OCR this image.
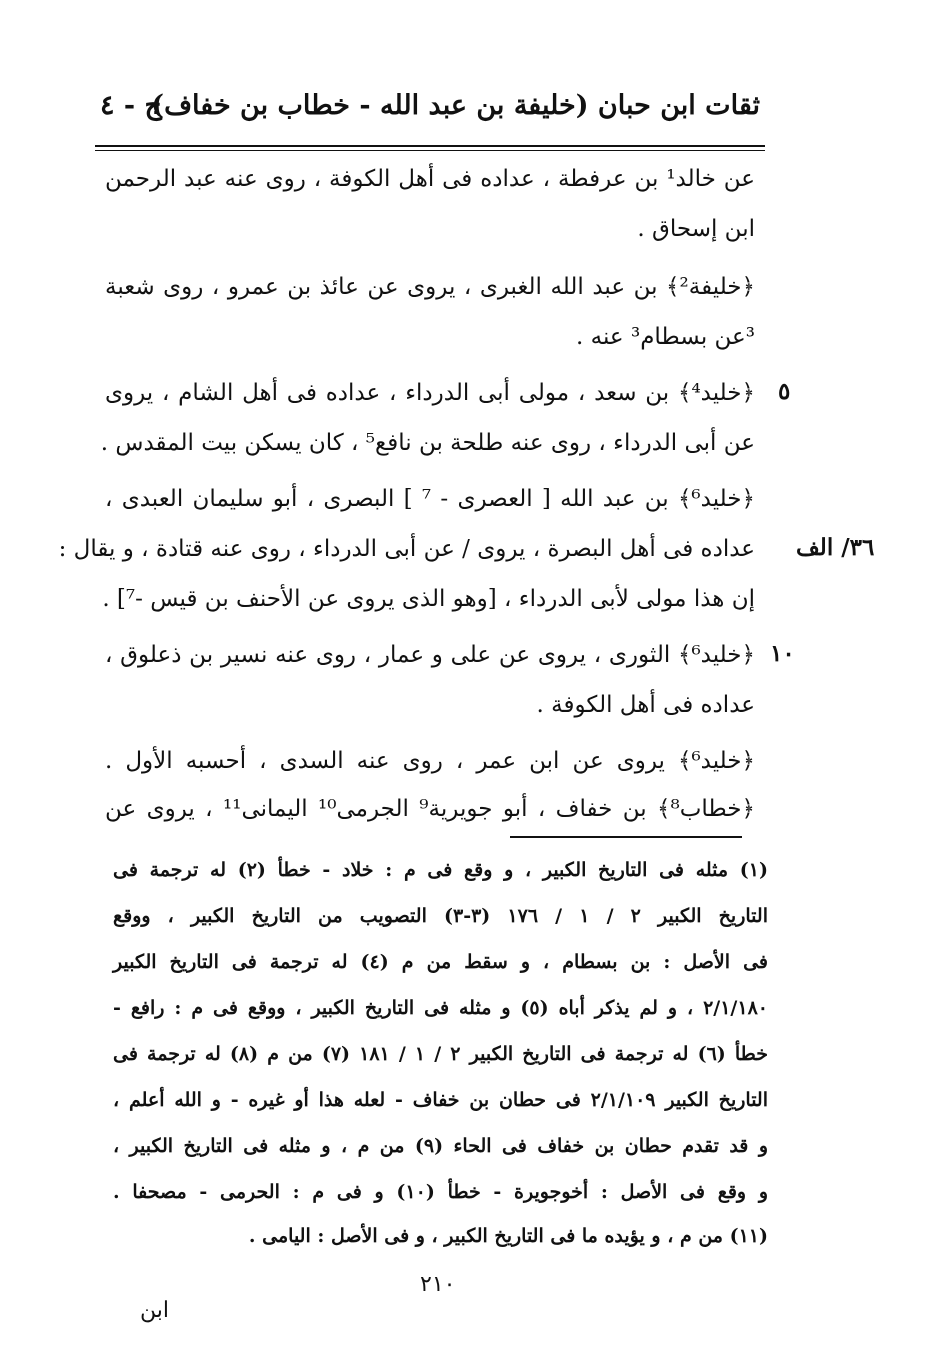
ثقات ابن حبان (خليفة بن عبد الله - خطاب بن خفاف)
ج - ٤
عن خالد¹ بن عرفطة ، عداده فى أهل الكوفة ، روى عنه عبد الرحمن
ابن إسحاق .
﴿خليفة²﴾ بن عبد الله الغبرى ، يروى عن عائذ بن عمرو ، روى شعبة
³عن بسطام³ عنه .
﴿خليد⁴﴾ بن سعد ، مولى أبى الدرداء ، عداده فى أهل الشام ، يروى
عن أبى الدرداء ، روى عنه طلحة بن نافع⁵ ، كان يسكن بيت المقدس .
﴿خليد⁶﴾ بن عبد الله [ العصرى - ⁷ ] البصرى ، أبو سليمان العبدى ،
عداده فى أهل البصرة ، يروى / عن أبى الدرداء ، روى عنه قتادة ، و يقال :
إن هذا مولى لأبى الدرداء ، [وهو الذى يروى عن الأحنف بن قيس -⁷] .
﴿خليد⁶﴾ الثورى ، يروى عن على و عمار ، روى عنه نسير بن ذعلوق ،
عداده فى أهل الكوفة .
﴿خليد⁶﴾ يروى عن ابن عمر ، روى عنه السدى ، أحسبه الأول .
﴿خطاب⁸﴾ بن خفاف ، أبو جويرية⁹ الجرمى¹⁰ اليمانى¹¹ ، يروى عن
٥
٣٦/ الف
١٠
(١) مثله فى التاريخ الكبير ، و وقع فى م : خلاد - خطأ (٢) له ترجمة فى
التاريخ الكبير ٢ / ١ / ١٧٦ (٣-٣) التصويب من التاريخ الكبير ، ووقع
فى الأصل : بن بسطام ، و سقط من م (٤) له ترجمة فى التاريخ الكبير
٢/١/١٨٠ ، و لم يذكر أباه (٥) و مثله فى التاريخ الكبير ، ووقع فى م : رافع -
خطأ (٦) له ترجمة فى التاريخ الكبير ٢ / ١ / ١٨١ (٧) من م (٨) له ترجمة فى
التاريخ الكبير ٢/١/١٠٩ فى حطان بن خفاف - لعله هذا أو غيره - و الله أعلم ،
و قد تقدم حطان بن خفاف فى الحاء (٩) من م ، و مثله فى التاريخ الكبير ،
و وقع فى الأصل : أخوجويرة - خطأ (١٠) و فى م : الحرمى - مصحفا .
(١١) من م ، و يؤيده ما فى التاريخ الكبير ، و فى الأصل : اليامى .
٢١٠
ابن
